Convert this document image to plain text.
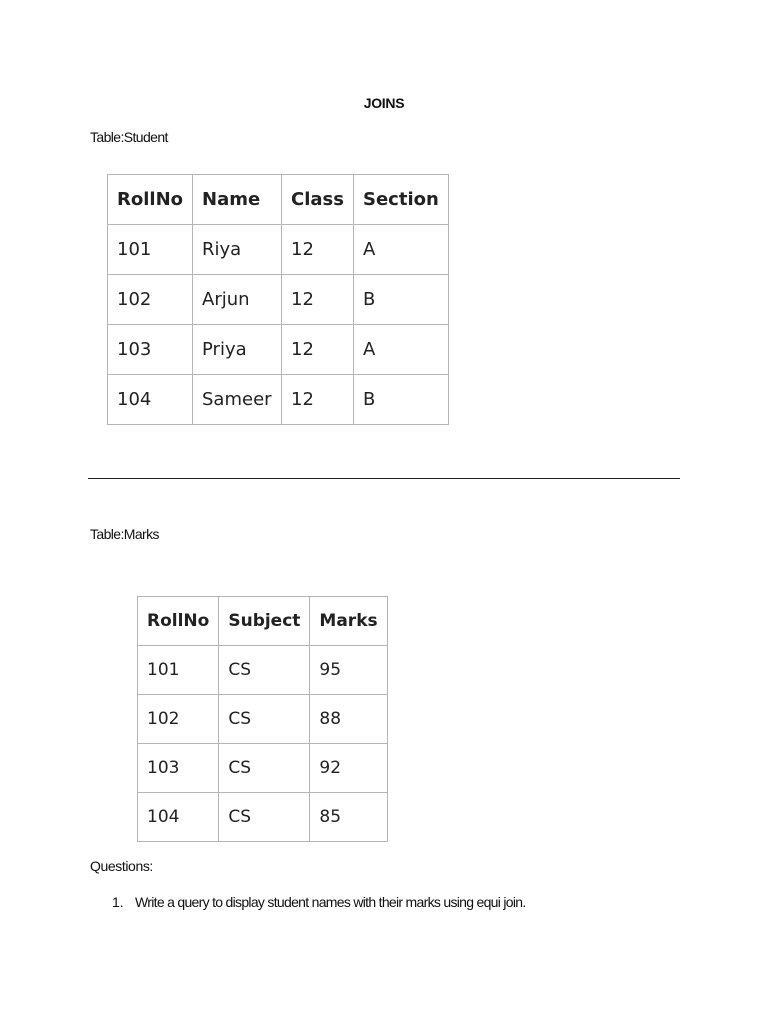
JOINS
Table:Student
RollNo	Name	Class	Section
101	Riya	12	A
102	Arjun	12	B
103	Priya	12	A
104	Sameer	12	B
Table:Marks
RollNo	Subject	Marks
101	CS	95
102	CS	88
103	CS	92
104	CS	85
Questions:
1. Write a query to display student names with their marks using equi join.
